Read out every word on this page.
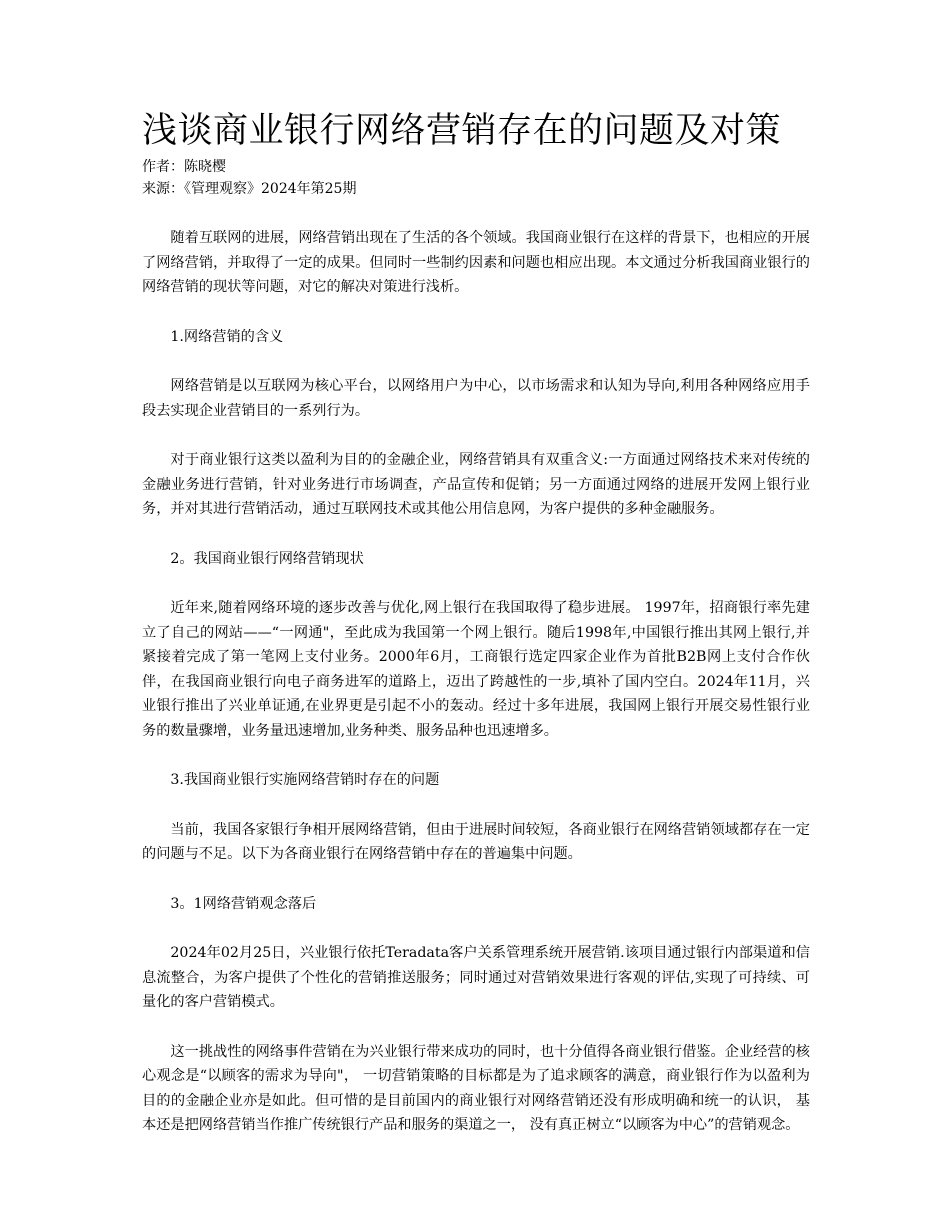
浅谈商业银行网络营销存在的问题及对策

作者：陈晓樱

来源：《管理观察》2024年第25期

随着互联网的进展，网络营销出现在了生活的各个领域。我国商业银行在这样的背景下，也相应的开展了网络营销，并取得了一定的成果。但同时一些制约因素和问题也相应出现。本文通过分析我国商业银行的网络营销的现状等问题，对它的解决对策进行浅析。

1.网络营销的含义

网络营销是以互联网为核心平台，以网络用户为中心，以市场需求和认知为导向,利用各种网络应用手段去实现企业营销目的一系列行为。

对于商业银行这类以盈利为目的的金融企业，网络营销具有双重含义:一方面通过网络技术来对传统的金融业务进行营销，针对业务进行市场调查，产品宣传和促销；另一方面通过网络的进展开发网上银行业务，并对其进行营销活动，通过互联网技术或其他公用信息网，为客户提供的多种金融服务。

2。我国商业银行网络营销现状

近年来,随着网络环境的逐步改善与优化,网上银行在我国取得了稳步进展。 1997年，招商银行率先建立了自己的网站——“一网通"，至此成为我国第一个网上银行。随后1998年,中国银行推出其网上银行,并紧接着完成了第一笔网上支付业务。2000年6月，工商银行选定四家企业作为首批B2B网上支付合作伙伴，在我国商业银行向电子商务进军的道路上，迈出了跨越性的一步,填补了国内空白。2024年11月，兴业银行推出了兴业单证通,在业界更是引起不小的轰动。经过十多年进展，我国网上银行开展交易性银行业务的数量骤增，业务量迅速增加,业务种类、服务品种也迅速增多。

3.我国商业银行实施网络营销时存在的问题

当前，我国各家银行争相开展网络营销，但由于进展时间较短，各商业银行在网络营销领域都存在一定的问题与不足。以下为各商业银行在网络营销中存在的普遍集中问题。

3。1网络营销观念落后

2024年02月25日，兴业银行依托Teradata客户关系管理系统开展营销.该项目通过银行内部渠道和信息流整合，为客户提供了个性化的营销推送服务；同时通过对营销效果进行客观的评估,实现了可持续、可量化的客户营销模式。

这一挑战性的网络事件营销在为兴业银行带来成功的同时，也十分值得各商业银行借鉴。企业经营的核心观念是“以顾客的需求为导向"， 一切营销策略的目标都是为了追求顾客的满意，商业银行作为以盈利为目的的金融企业亦是如此。但可惜的是目前国内的商业银行对网络营销还没有形成明确和统一的认识， 基本还是把网络营销当作推广传统银行产品和服务的渠道之一， 没有真正树立“以顾客为中心”的营销观念。
